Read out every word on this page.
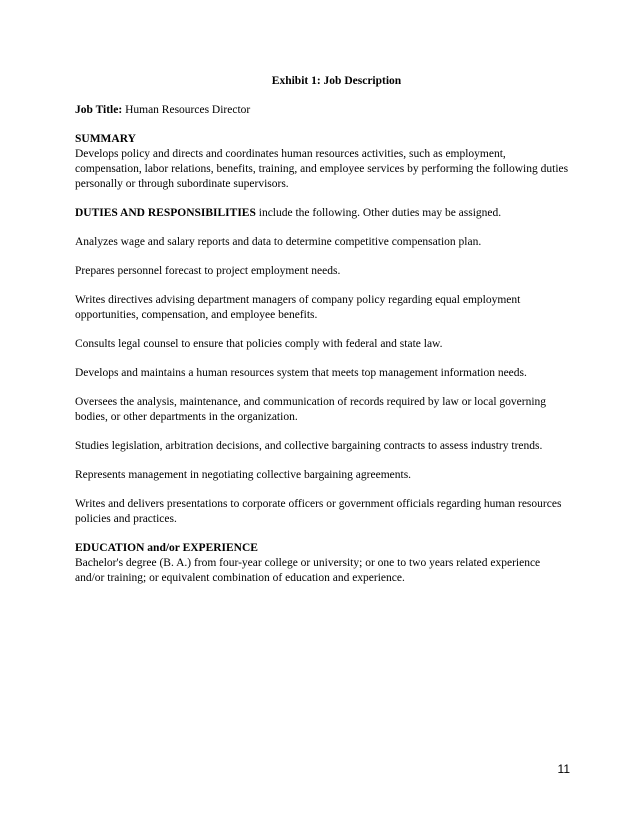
Exhibit 1: Job Description
Job Title: Human Resources Director
SUMMARY
Develops policy and directs and coordinates human resources activities, such as employment, compensation, labor relations, benefits, training, and employee services by performing the following duties personally or through subordinate supervisors.
DUTIES AND RESPONSIBILITIES include the following. Other duties may be assigned.
Analyzes wage and salary reports and data to determine competitive compensation plan.
Prepares personnel forecast to project employment needs.
Writes directives advising department managers of company policy regarding equal employment opportunities, compensation, and employee benefits.
Consults legal counsel to ensure that policies comply with federal and state law.
Develops and maintains a human resources system that meets top management information needs.
Oversees the analysis, maintenance, and communication of records required by law or local governing bodies, or other departments in the organization.
Studies legislation, arbitration decisions, and collective bargaining contracts to assess industry trends.
Represents management in negotiating collective bargaining agreements.
Writes and delivers presentations to corporate officers or government officials regarding human resources policies and practices.
EDUCATION and/or EXPERIENCE
Bachelor's degree (B. A.) from four-year college or university; or one to two years related experience and/or training; or equivalent combination of education and experience.
11
